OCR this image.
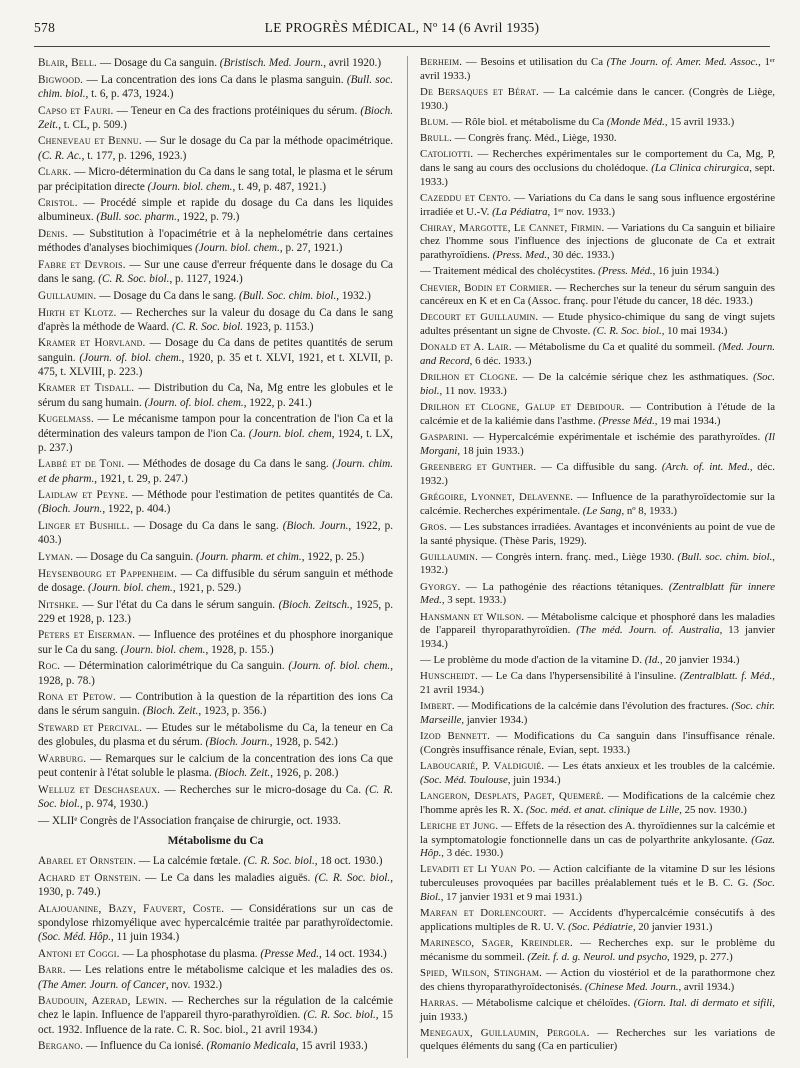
578	LE PROGRÈS MÉDICAL, Nº 14 (6 Avril 1935)

Blair, Bell. — Dosage du Ca sanguin. (Bristisch. Med. Journ., avril 1920.)

Bigwood. — La concentration des ions Ca dans le plasma sanguin. (Bull. soc. chim. biol., t. 6, p. 473, 1924.)

Capso et Fauri. — Teneur en Ca des fractions protéiniques du sérum. (Bioch. Zeit., t. CL, p. 509.)

Cheneveau et Bennu. — Sur le dosage du Ca par la méthode opacimétrique. (C. R. Ac., t. 177, p. 1296, 1923.)

Clark. — Micro-détermination du Ca dans le sang total, le plasma et le sérum par précipitation directe (Journ. biol. chem., t. 49, p. 487, 1921.)

Cristol. — Procédé simple et rapide du dosage du Ca dans les liquides albumineux. (Bull. soc. pharm., 1922, p. 79.)

Denis. — Substitution à l'opacimétrie et à la nephelométrie dans certaines méthodes d'analyses biochimiques (Journ. biol. chem., p. 27, 1921.)

Fabre et Devrois. — Sur une cause d'erreur fréquente dans le dosage du Ca dans le sang. (C. R. Soc. biol., p. 1127, 1924.)

Guillaumin. — Dosage du Ca dans le sang. (Bull. Soc. chim. biol., 1932.)

Hirth et Klotz. — Recherches sur la valeur du dosage du Ca dans le sang d'après la méthode de Waard. (C. R. Soc. biol. 1923, p. 1153.)

Kramer et Horvland. — Dosage du Ca dans de petites quantités de serum sanguin. (Journ. of. biol. chem., 1920, p. 35 et t. XLVI, 1921, et t. XLVII, p. 475, t. XLVIII, p. 223.)

Kramer et Tisdall. — Distribution du Ca, Na, Mg entre les globules et le sérum du sang humain. (Journ. of. biol. chem., 1922, p. 241.)

Kugelmass. — Le mécanisme tampon pour la concentration de l'ion Ca et la détermination des valeurs tampon de l'ion Ca. (Journ. biol. chem, 1924, t. LX, p. 237.)

Labbé et de Toni. — Méthodes de dosage du Ca dans le sang. (Journ. chim. et de pharm., 1921, t. 29, p. 247.)

Laidlaw et Peyne. — Méthode pour l'estimation de petites quantités de Ca. (Bioch. Journ., 1922, p. 404.)

Linger et Bushill. — Dosage du Ca dans le sang. (Bioch. Journ., 1922, p. 403.)

Lyman. — Dosage du Ca sanguin. (Journ. pharm. et chim., 1922, p. 25.)

Heysenbourg et Pappenheim. — Ca diffusible du sérum sanguin et méthode de dosage. (Journ. biol. chem., 1921, p. 529.)

Nitshke. — Sur l'état du Ca dans le sérum sanguin. (Bioch. Zeitsch., 1925, p. 229 et 1928, p. 123.)

Peters et Eiserman. — Influence des protéines et du phosphore inorganique sur le Ca du sang. (Journ. biol. chem., 1928, p. 155.)

Roc. — Détermination calorimétrique du Ca sanguin. (Journ. of. biol. chem., 1928, p. 78.)

Rona et Petow. — Contribution à la question de la répartition des ions Ca dans le sérum sanguin. (Bioch. Zeit., 1923, p. 356.)

Steward et Percival. — Etudes sur le métabolisme du Ca, la teneur en Ca des globules, du plasma et du sérum. (Bioch. Journ., 1928, p. 542.)

Warburg. — Remarques sur le calcium de la concentration des ions Ca que peut contenir à l'état soluble le plasma. (Bioch. Zeit., 1926, p. 208.)

Welluz et Deschaseaux. — Recherches sur le micro-dosage du Ca. (C. R. Soc. biol., p. 974, 1930.)

— XLIIᵉ Congrès de l'Association française de chirurgie, oct. 1933.

Métabolisme du Ca

Abarel et Ornstein. — La calcémie fœtale. (C. R. Soc. biol., 18 oct. 1930.)

Achard et Ornstein. — Le Ca dans les maladies aiguës. (C. R. Soc. biol., 1930, p. 749.)

Alajouanine, Bazy, Fauvert, Coste. — Considérations sur un cas de spondylose rhizomyélique avec hypercalcémie traitée par parathyroïdectomie. (Soc. Méd. Hôp., 11 juin 1934.)

Antoni et Coggi. — La phosphotase du plasma. (Presse Med., 14 oct. 1934.)

Barr. — Les relations entre le métabolisme calcique et les maladies des os. (The Amer. Journ. of Cancer, nov. 1932.)

Baudouin, Azerad, Lewin. — Recherches sur la régulation de la calcémie chez le lapin. Influence de l'appareil thyro-parathyroïdien. (C. R. Soc. biol., 15 oct. 1932. Influence de la rate. C. R. Soc. biol., 21 avril 1934.)

Bergano. — Influence du Ca ionisé. (Romanio Medicala, 15 avril 1933.)

Berheim. — Besoins et utilisation du Ca (The Journ. of. Amer. Med. Assoc., 1ᵉʳ avril 1933.)

De Bersaques et Bérat. — La calcémie dans le cancer. (Congrès de Liège, 1930.)

Blum. — Rôle biol. et métabolisme du Ca (Monde Méd., 15 avril 1933.)

Brull. — Congrès franç. Méd., Liège, 1930.

Catoliotti. — Recherches expérimentales sur le comportement du Ca, Mg, P, dans le sang au cours des occlusions du cholédoque. (La Clinica chirurgica, sept. 1933.)

Cazeddu et Cento. — Variations du Ca dans le sang sous influence ergostérine irradiée et U.-V. (La Pédiatra, 1ᵉʳ nov. 1933.)

Chiray, Margotte, Le Cannet, Firmin. — Variations du Ca sanguin et biliaire chez l'homme sous l'influence des injections de gluconate de Ca et extrait parathyroïdiens. (Press. Med., 30 déc. 1933.)

— Traitement médical des cholécystites. (Press. Méd., 16 juin 1934.)

Chevier, Bodin et Cormier. — Recherches sur la teneur du sérum sanguin des cancéreux en K et en Ca (Assoc. franç. pour l'étude du cancer, 18 déc. 1933.)

Decourt et Guillaumin. — Etude physico-chimique du sang de vingt sujets adultes présentant un signe de Chvoste. (C. R. Soc. biol., 10 mai 1934.)

Donald et A. Lair. — Métabolisme du Ca et qualité du sommeil. (Med. Journ. and Record, 6 déc. 1933.)

Drilhon et Clogne. — De la calcémie sérique chez les asthmatiques. (Soc. biol., 11 nov. 1933.)

Drilhon et Clogne, Galup et Debidour. — Contribution à l'étude de la calcémie et de la kaliémie dans l'asthme. (Presse Méd., 19 mai 1934.)

Gasparini. — Hypercalcémie expérimentale et ischémie des parathyroïdes. (Il Morgani, 18 juin 1933.)

Greenberg et Gunther. — Ca diffusible du sang. (Arch. of. int. Med., déc. 1932.)

Grégoire, Lyonnet, Delavenne. — Influence de la parathyroïdectomie sur la calcémie. Recherches expérimentale. (Le Sang, nº 8, 1933.)

Gros. — Les substances irradiées. Avantages et inconvénients au point de vue de la santé physique. (Thèse Paris, 1929).

Guillaumin. — Congrès intern. franç. med., Liège 1930. (Bull. soc. chim. biol., 1932.)

Gyorgy. — La pathogénie des réactions tétaniques. (Zentralblatt für innere Med., 3 sept. 1933.)

Hansmann et Wilson. — Métabolisme calcique et phosphoré dans les maladies de l'appareil thyroparathyroïdien. (The méd. Journ. of. Australia, 13 janvier 1934.)

— Le problème du mode d'action de la vitamine D. (Id., 20 janvier 1934.)

Hunscheidt. — Le Ca dans l'hypersensibilité à l'insuline. (Zentralblatt. f. Méd., 21 avril 1934.)

Imbert. — Modifications de la calcémie dans l'évolution des fractures. (Soc. chir. Marseille, janvier 1934.)

Izod Bennett. — Modifications du Ca sanguin dans l'insuffisance rénale. (Congrès insuffisance rénale, Evian, sept. 1933.)

Laboucarié, P. Valdiguié. — Les états anxieux et les troubles de la calcémie. (Soc. Méd. Toulouse, juin 1934.)

Langeron, Desplats, Paget, Quemeré. — Modifications de la calcémie chez l'homme après les R. X. (Soc. méd. et anat. clinique de Lille, 25 nov. 1930.)

Leriche et Jung. — Effets de la résection des A. thyroïdiennes sur la calcémie et la symptomatologie fonctionnelle dans un cas de polyarthrite ankylosante. (Gaz. Hôp., 3 déc. 1930.)

Levaditi et Li Yuan Po. — Action calcifiante de la vitamine D sur les lésions tuberculeuses provoquées par bacilles préalablement tués et le B. C. G. (Soc. Biol., 17 janvier 1931 et 9 mai 1931.)

Marfan et Dorlencourt. — Accidents d'hypercalcémie consécutifs à des applications multiples de R. U. V. (Soc. Pédiatrie, 20 janvier 1931.)

Marinesco, Sager, Kreindler. — Recherches exp. sur le problème du mécanisme du sommeil. (Zeit. f. d. g. Neurol. und psycho, 1929, p. 277.)

Spied, Wilson, Stingham. — Action du viostériol et de la parathormone chez des chiens thyroparathyroïdectonisés. (Chinese Med. Journ., avril 1934.)

Harras. — Métabolisme calcique et chéloïdes. (Giorn. Ital. di dermato et sifili, juin 1933.)

Menegaux, Guillaumin, Pergola. — Recherches sur les variations de quelques éléments du sang (Ca en particulier)
